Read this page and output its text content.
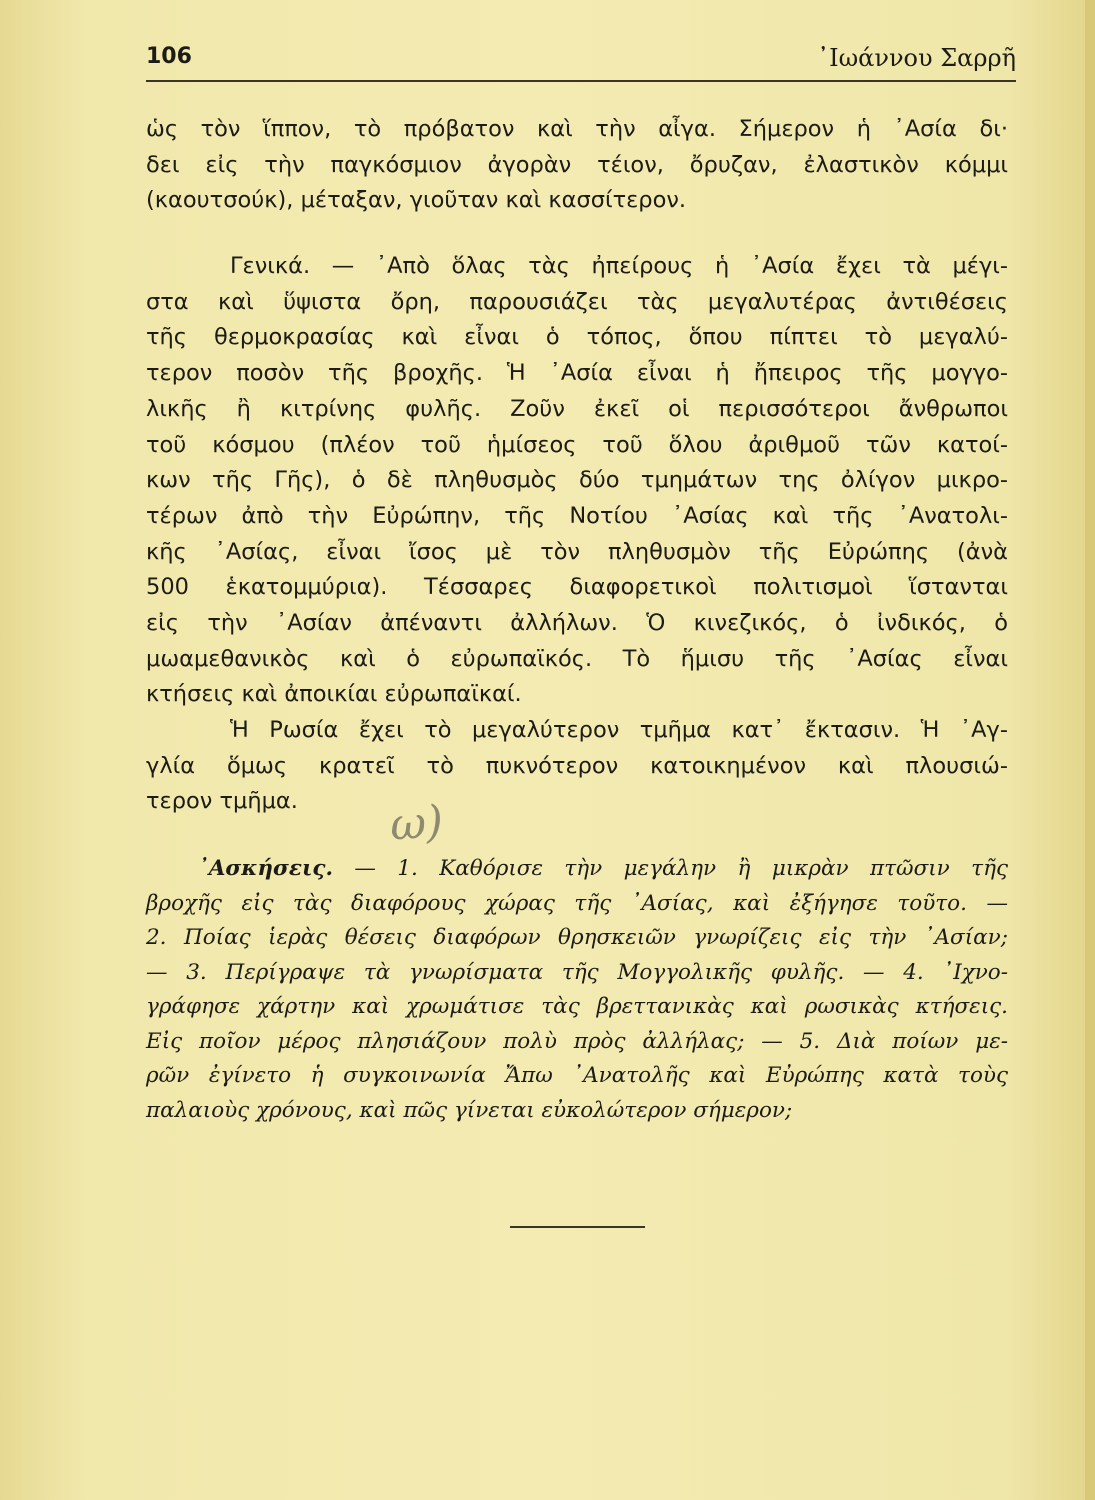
106	᾿Ιωάννου Σαρρῆ
ὡς τὸν ἵππον, τὸ πρόβατον καὶ τὴν αἶγα. Σήμερον ἡ ᾿Ασία δι·
δει εἰς τὴν παγκόσμιον ἀγορὰν τέιον, ὄρυζαν, ἐλαστικὸν κόμμι
(καουτσούκ), μέταξαν, γιοῦταν καὶ κασσίτερον.
Γενικά. — ᾿Απὸ ὅλας τὰς ἠπείρους ἡ ᾿Ασία ἔχει τὰ μέγι-
στα καὶ ὕψιστα ὄρη, παρουσιάζει τὰς μεγαλυτέρας ἀντιθέσεις
τῆς θερμοκρασίας καὶ εἶναι ὁ τόπος, ὅπου πίπτει τὸ μεγαλύ-
τερον ποσὸν τῆς βροχῆς. Ἡ ᾿Ασία εἶναι ἡ ἤπειρος τῆς μογγο-
λικῆς ἢ κιτρίνης φυλῆς. Ζοῦν ἐκεῖ οἱ περισσότεροι ἄνθρωποι
τοῦ κόσμου (πλέον τοῦ ἡμίσεος τοῦ ὅλου ἀριθμοῦ τῶν κατοί-
κων τῆς Γῆς), ὁ δὲ πληθυσμὸς δύο τμημάτων της ὀλίγον μικρο-
τέρων ἀπὸ τὴν Εὐρώπην, τῆς Νοτίου ᾿Ασίας καὶ τῆς ᾿Ανατολι-
κῆς ᾿Ασίας, εἶναι ἴσος μὲ τὸν πληθυσμὸν τῆς Εὐρώπης (ἀνὰ
500 ἑκατομμύρια). Τέσσαρες διαφορετικοὶ πολιτισμοὶ ἵστανται
εἰς τὴν ᾿Ασίαν ἀπέναντι ἀλλήλων. Ὁ κινεζικός, ὁ ἰνδικός, ὁ
μωαμεθανικὸς καὶ ὁ εὐρωπαϊκός. Τὸ ἥμισυ τῆς ᾿Ασίας εἶναι
κτήσεις καὶ ἀποικίαι εὐρωπαϊκαί.
Ἡ Ρωσία ἔχει τὸ μεγαλύτερον τμῆμα κατ᾿ ἔκτασιν. Ἡ ᾿Αγ-
γλία ὅμως κρατεῖ τὸ πυκνότερον κατοικημένον καὶ πλουσιώ-
τερον τμῆμα.	ω)
᾿Ασκήσεις. — 1. Καθόρισε τὴν μεγάλην ἢ μικρὰν πτῶσιν τῆς
βροχῆς εἰς τὰς διαφόρους χώρας τῆς ᾿Ασίας, καὶ ἐξήγησε τοῦτο. —
2. Ποίας ἱερὰς θέσεις διαφόρων θρησκειῶν γνωρίζεις εἰς τὴν ᾿Ασίαν;
— 3. Περίγραψε τὰ γνωρίσματα τῆς Μογγολικῆς φυλῆς. — 4. ᾿Ιχνο-
γράφησε χάρτην καὶ χρωμάτισε τὰς βρεττανικὰς καὶ ρωσικὰς κτήσεις.
Εἰς ποῖον μέρος πλησιάζουν πολὺ πρὸς ἀλλήλας; — 5. Διὰ ποίων με-
ρῶν ἐγίνετο ἡ συγκοινωνία Ἄπω ᾿Ανατολῆς καὶ Εὐρώπης κατὰ τοὺς
παλαιοὺς χρόνους, καὶ πῶς γίνεται εὐκολώτερον σήμερον;
